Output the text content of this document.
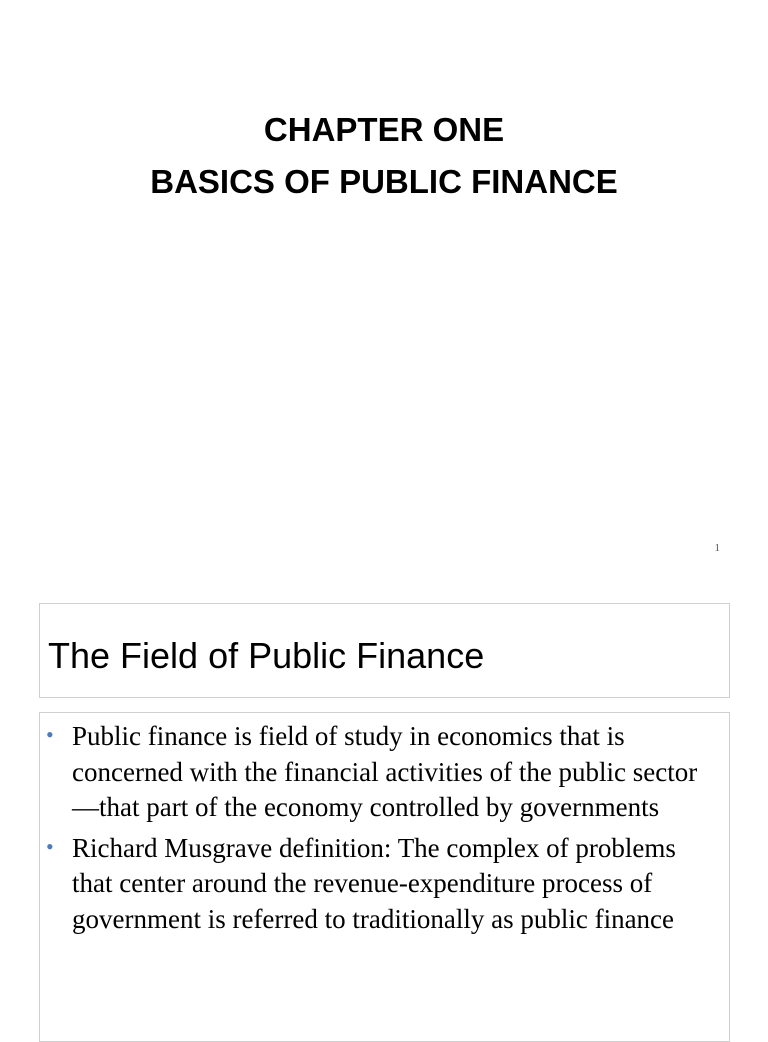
CHAPTER ONE
BASICS OF PUBLIC FINANCE
1
The Field of Public Finance
• Public finance is field of study in economics that is concerned with the financial activities of the public sector—that part of the economy controlled by governments
• Richard Musgrave definition: The complex of problems that center around the revenue-expenditure process of government is referred to traditionally as public finance
